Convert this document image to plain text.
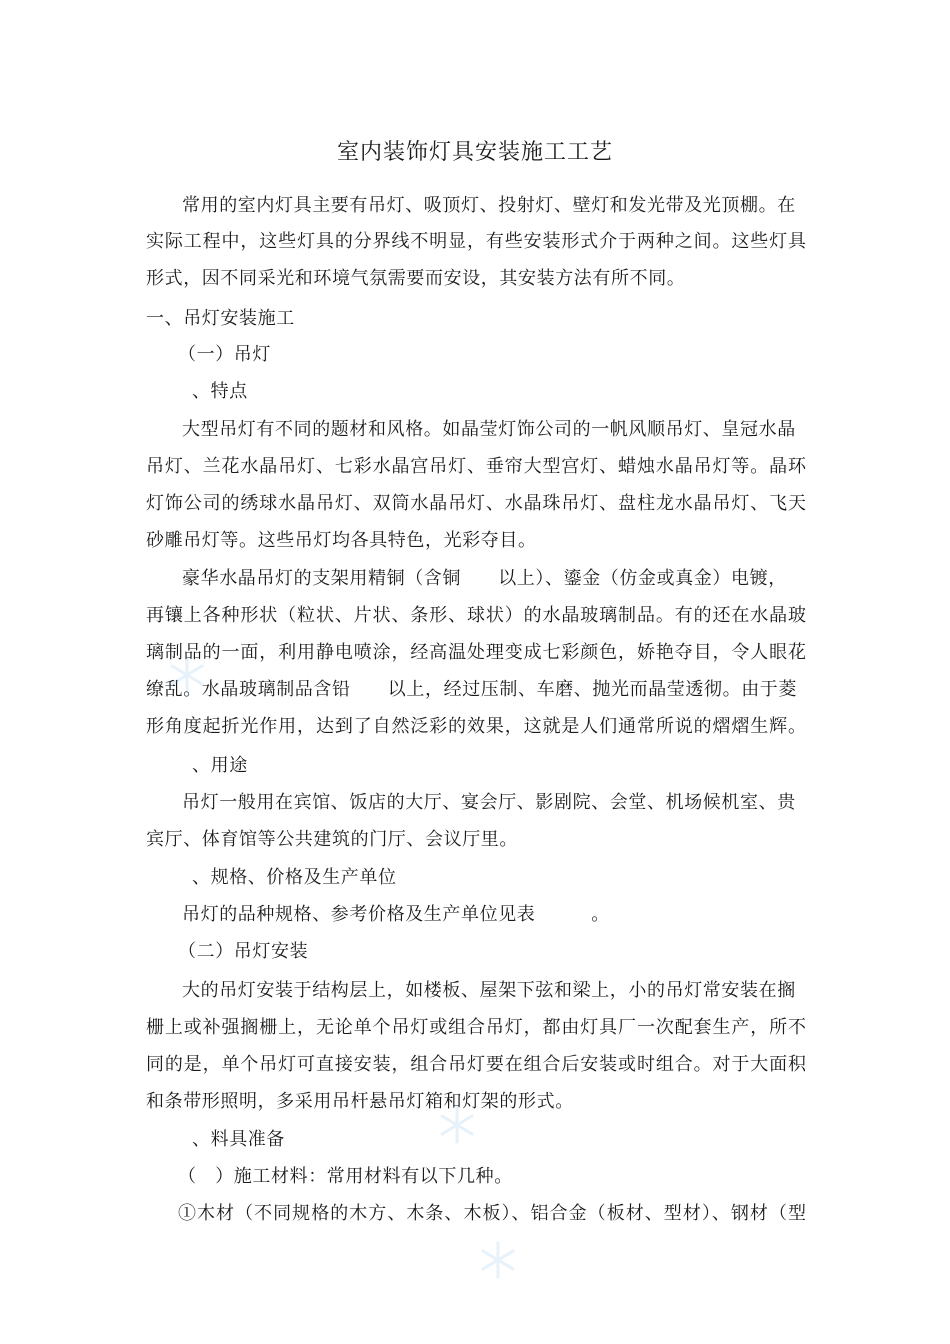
室内装饰灯具安装施工工艺
常用的室内灯具主要有吊灯、吸顶灯、投射灯、壁灯和发光带及光顶棚。在
实际工程中，这些灯具的分界线不明显，有些安装形式介于两种之间。这些灯具
形式，因不同采光和环境气氛需要而安设，其安装方法有所不同。
一、吊灯安装施工
（一）吊灯
、特点
大型吊灯有不同的题材和风格。如晶莹灯饰公司的一帆风顺吊灯、皇冠水晶
吊灯、兰花水晶吊灯、七彩水晶宫吊灯、垂帘大型宫灯、蜡烛水晶吊灯等。晶环
灯饰公司的绣球水晶吊灯、双筒水晶吊灯、水晶珠吊灯、盘柱龙水晶吊灯、飞天
砂雕吊灯等。这些吊灯均各具特色，光彩夺目。
豪华水晶吊灯的支架用精铜（含铜　　以上）、鎏金（仿金或真金）电镀，
再镶上各种形状（粒状、片状、条形、球状）的水晶玻璃制品。有的还在水晶玻
璃制品的一面，利用静电喷涂，经高温处理变成七彩颜色，娇艳夺目，令人眼花
缭乱。水晶玻璃制品含铅　　以上，经过压制、车磨、抛光而晶莹透彻。由于菱
形角度起折光作用，达到了自然泛彩的效果，这就是人们通常所说的熠熠生辉。
、用途
吊灯一般用在宾馆、饭店的大厅、宴会厅、影剧院、会堂、机场候机室、贵
宾厅、体育馆等公共建筑的门厅、会议厅里。
、规格、价格及生产单位
吊灯的品种规格、参考价格及生产单位见表　　　。
（二）吊灯安装
大的吊灯安装于结构层上，如楼板、屋架下弦和梁上，小的吊灯常安装在搁
栅上或补强搁栅上，无论单个吊灯或组合吊灯，都由灯具厂一次配套生产，所不
同的是，单个吊灯可直接安装，组合吊灯要在组合后安装或时组合。对于大面积
和条带形照明，多采用吊杆悬吊灯箱和灯架的形式。
、料具准备
（　）施工材料：常用材料有以下几种。
①木材（不同规格的木方、木条、木板）、铝合金（板材、型材）、钢材（型
